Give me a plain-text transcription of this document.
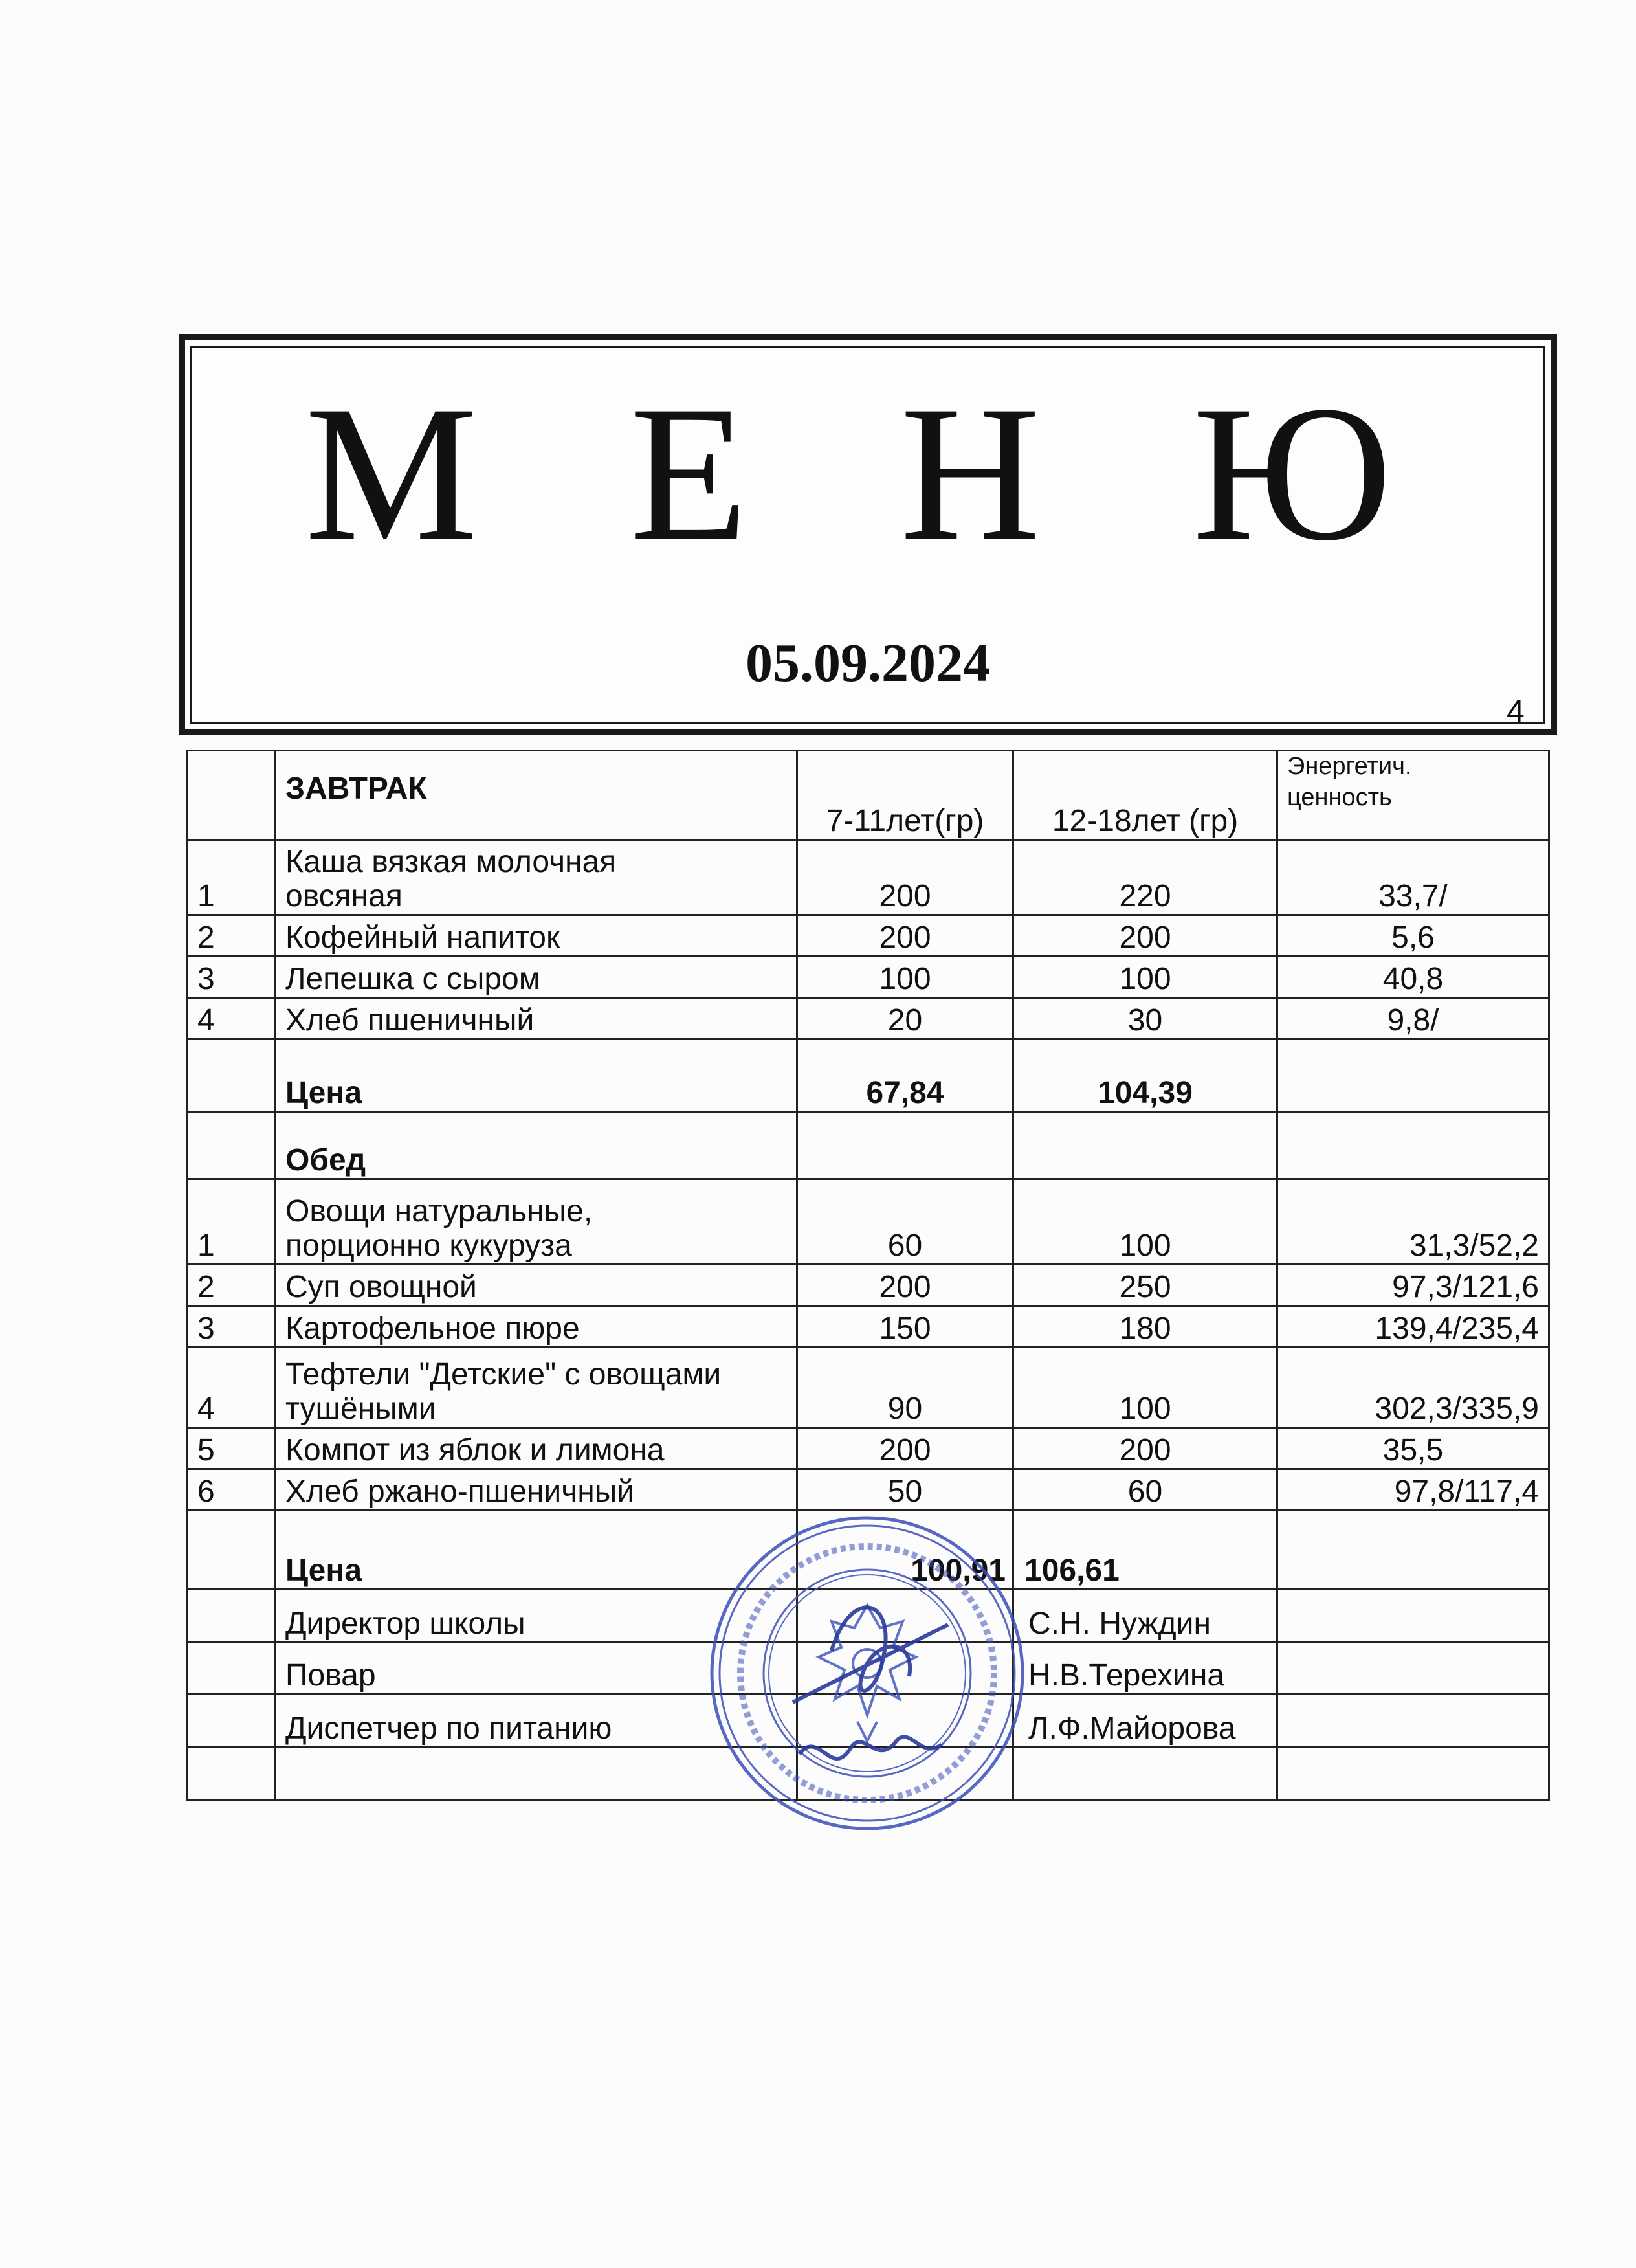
М Е Н Ю
05.09.2024
4

	ЗАВТРАК	7-11лет(гр)	12-18лет (гр)	Энергетич.
ценность

1	Каша вязкая молочная
овсяная	200	220	33,7/
2	Кофейный напиток	200	200	5,6
3	Лепешка с сыром	100	100	40,8
4	Хлеб пшеничный	20	30	9,8/
	Цена	67,84	104,39	
	Обед			
1	Овощи натуральные,
порционно кукуруза	60	100	31,3/52,2
2	Суп овощной	200	250	97,3/121,6
3	Картофельное пюре	150	180	139,4/235,4
4	Тефтели "Детские" с овощами
тушёными	90	100	302,3/335,9
5	Компот из яблок и лимона	200	200	35,5
6	Хлеб ржано-пшеничный	50	60	97,8/117,4
	Цена	100,91	106,61	
	Директор школы		С.Н. Нуждин	
	Повар		Н.В.Терехина	
	Диспетчер по питанию		Л.Ф.Майорова	
